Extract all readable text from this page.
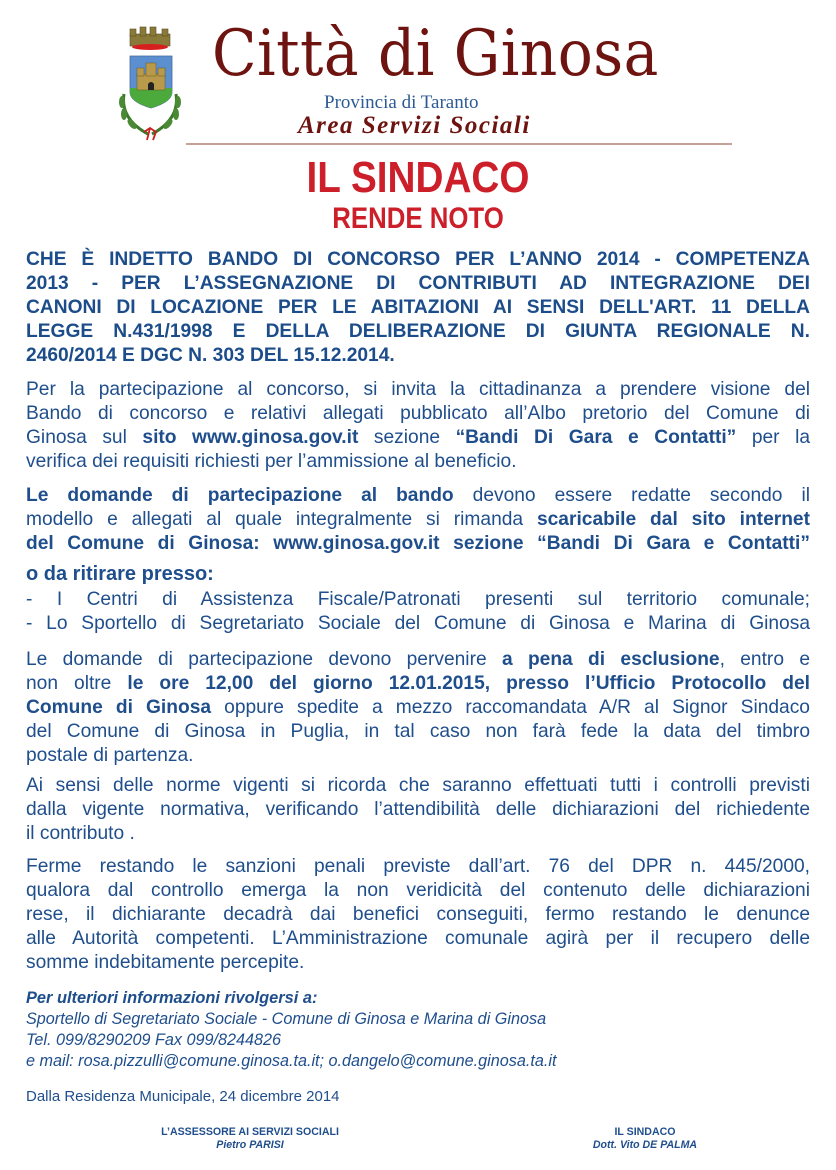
Città di Ginosa
Provincia di Taranto
Area Servizi Sociali
IL SINDACO
RENDE NOTO
CHE È INDETTO BANDO DI CONCORSO PER L’ANNO 2014 - COMPETENZA
2013 - PER L’ASSEGNAZIONE DI CONTRIBUTI AD INTEGRAZIONE DEI
CANONI DI LOCAZIONE PER LE ABITAZIONI AI SENSI DELL'ART. 11 DELLA
LEGGE N.431/1998 E DELLA DELIBERAZIONE DI GIUNTA REGIONALE N.
2460/2014 E DGC N. 303 DEL 15.12.2014.
Per la partecipazione al concorso, si invita la cittadinanza a prendere visione del
Bando di concorso e relativi allegati pubblicato all’Albo pretorio del Comune di
Ginosa sul sito www.ginosa.gov.it sezione “Bandi Di Gara e Contatti” per la
verifica dei requisiti richiesti per l’ammissione al beneficio.
Le domande di partecipazione al bando devono essere redatte secondo il
modello e allegati al quale integralmente si rimanda scaricabile dal sito internet
del Comune di Ginosa: www.ginosa.gov.it sezione “Bandi Di Gara e Contatti”
o da ritirare presso:
- I Centri di Assistenza Fiscale/Patronati presenti sul territorio comunale;
- Lo Sportello di Segretariato Sociale del Comune di Ginosa e Marina di Ginosa
Le domande di partecipazione devono pervenire a pena di esclusione, entro e
non oltre le ore 12,00 del giorno 12.01.2015, presso l’Ufficio Protocollo del
Comune di Ginosa oppure spedite a mezzo raccomandata A/R al Signor Sindaco
del Comune di Ginosa in Puglia, in tal caso non farà fede la data del timbro
postale di partenza.
Ai sensi delle norme vigenti si ricorda che saranno effettuati tutti i controlli previsti
dalla vigente normativa, verificando l’attendibilità delle dichiarazioni del richiedente
il contributo .
Ferme restando le sanzioni penali previste dall’art. 76 del DPR n. 445/2000,
qualora dal controllo emerga la non veridicità del contenuto delle dichiarazioni
rese, il dichiarante decadrà dai benefici conseguiti, fermo restando le denunce
alle Autorità competenti. L’Amministrazione comunale agirà per il recupero delle
somme indebitamente percepite.
Per ulteriori informazioni rivolgersi a:
Sportello di Segretariato Sociale - Comune di Ginosa e Marina di Ginosa
Tel. 099/8290209 Fax 099/8244826
e mail: rosa.pizzulli@comune.ginosa.ta.it; o.dangelo@comune.ginosa.ta.it
Dalla Residenza Municipale, 24 dicembre 2014
L’ASSESSORE AI SERVIZI SOCIALI
Pietro PARISI
IL SINDACO
Dott. Vito DE PALMA
